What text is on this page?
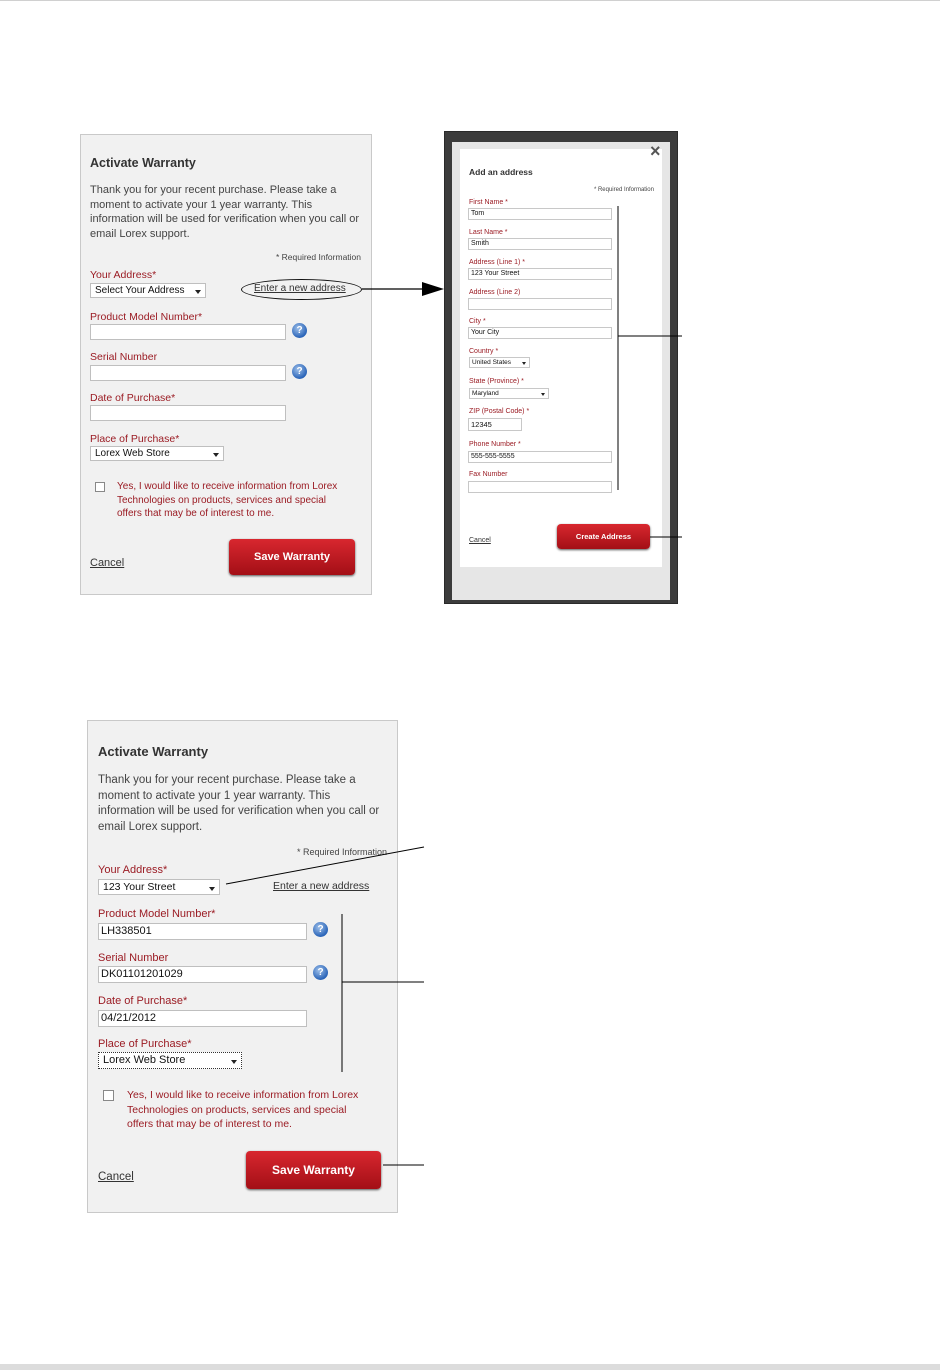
Activate Warranty
Thank you for your recent purchase. Please take a moment to activate your 1 year warranty. This information will be used for verification when you call or email Lorex support.
* Required Information
Your Address*
Select Your Address	Enter a new address
Product Model Number*
?
Serial Number
?
Date of Purchase*
Place of Purchase*
Lorex Web Store
Yes, I would like to receive information from Lorex Technologies on products, services and special offers that may be of interest to me.
Cancel	Save Warranty
×
Add an address
* Required Information
First Name *
Tom
Last Name *
Smith
Address (Line 1) *
123 Your Street
Address (Line 2)
City *
Your City
Country *
United States
State (Province) *
Maryland
ZIP (Postal Code) *
12345
Phone Number *
555-555-5555
Fax Number
Cancel	Create Address
Activate Warranty
Thank you for your recent purchase. Please take a moment to activate your 1 year warranty. This information will be used for verification when you call or email Lorex support.
* Required Information
Your Address*
123 Your Street	Enter a new address
Product Model Number*
LH338501	?
Serial Number
DK01101201029	?
Date of Purchase*
04/21/2012
Place of Purchase*
Lorex Web Store
Yes, I would like to receive information from Lorex Technologies on products, services and special offers that may be of interest to me.
Cancel	Save Warranty
